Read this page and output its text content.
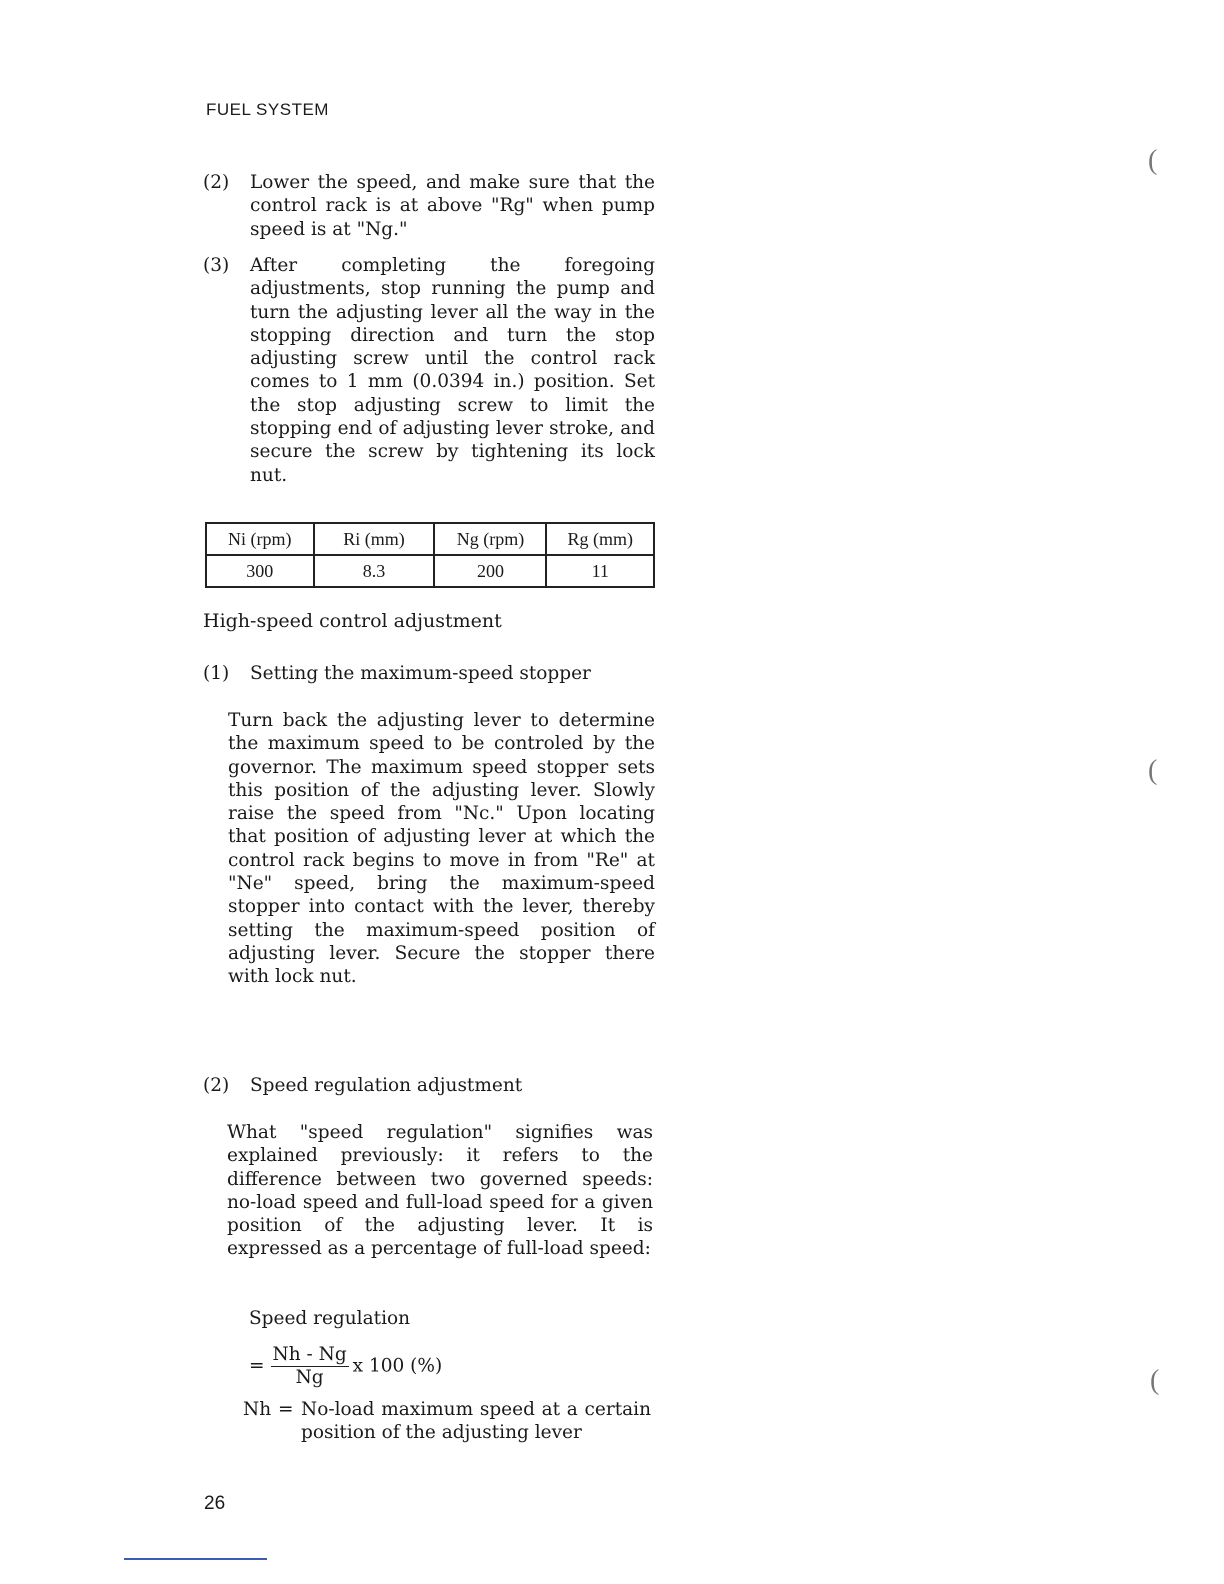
FUEL SYSTEM
(2) Lower the speed, and make sure that the control rack is at above "Rg" when pump speed is at "Ng."
(3) After completing the foregoing adjustments, stop running the pump and turn the adjusting lever all the way in the stopping direction and turn the stop adjusting screw until the control rack comes to 1 mm (0.0394 in.) position. Set the stop adjusting screw to limit the stopping end of adjusting lever stroke, and secure the screw by tightening its lock nut.
Ni (rpm)	Ri (mm)	Ng (rpm)	Rg (mm)
300	8.3	200	11
High-speed control adjustment
(1) Setting the maximum-speed stopper
Turn back the adjusting lever to determine the maximum speed to be controled by the governor. The maximum speed stopper sets this position of the adjusting lever. Slowly raise the speed from "Nc." Upon locating that position of adjusting lever at which the control rack begins to move in from "Re" at "Ne" speed, bring the maximum-speed stopper into contact with the lever, thereby setting the maximum-speed position of adjusting lever. Secure the stopper there with lock nut.
(2) Speed regulation adjustment
What "speed regulation" signifies was explained previously: it refers to the difference between two governed speeds: no-load speed and full-load speed for a given position of the adjusting lever. It is expressed as a percentage of full-load speed:
Speed regulation
= $\frac{Nh - Ng}{Ng}$ x 100 (%)
Nh = No-load maximum speed at a certain position of the adjusting lever
26
(
(
(
